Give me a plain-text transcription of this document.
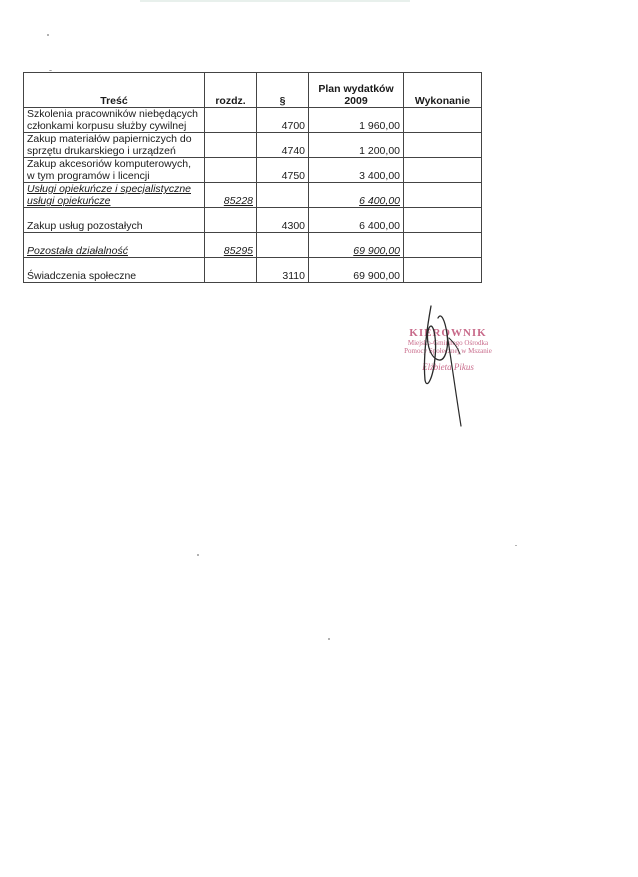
Treść	rozdz.	§	Plan wydatków 2009	Wykonanie
Szkolenia pracowników niebędących członkami korpusu służby cywilnej		4700	1 960,00	
Zakup materiałów papierniczych do sprzętu drukarskiego i urządzeń		4740	1 200,00	
Zakup akcesoriów komputerowych, w tym programów i licencji		4750	3 400,00	
Usługi opiekuńcze i specjalistyczne usługi opiekuńcze	85228		6 400,00	
Zakup usług pozostałych		4300	6 400,00	
Pozostała działalność	85295		69 900,00	
Świadczenia społeczne		3110	69 900,00	
KIEROWNIK
Miejsko-Gminnego Ośrodka
Pomocy Społecznej w Mszanie
Elżbieta Pikus
